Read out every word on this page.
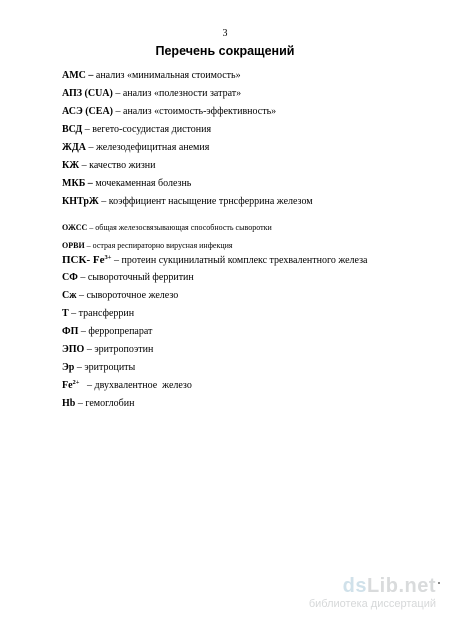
3
Перечень сокращений
АМС – анализ «минимальная стоимость»
АПЗ (CUA) – анализ «полезности затрат»
АСЭ (CEA) – анализ «стоимость-эффективность»
ВСД – вегето-сосудистая дистония
ЖДА – железодефицитная анемия
КЖ – качество жизни
МКБ – мочекаменная болезнь
КНТрЖ – коэффициент насыщение трнсферрина железом
ОЖСС – общая железосвязывающая способность сыворотки
ОРВИ – острая респираторно вирусная инфекция
ПСК- $Fe^{3+}$ – протеин сукцинилатный комплекс трехвалентного железа
СФ – сывороточный ферритин
Сж – сывороточное железо
Т – трансферрин
ФП – ферропрепарат
ЭПО – эритропоэтин
Эр – эритроциты
$Fe^{2+}$   – двухвалентное  железо
Hb – гемоглобин
dsLib.net
библиотека диссертаций
